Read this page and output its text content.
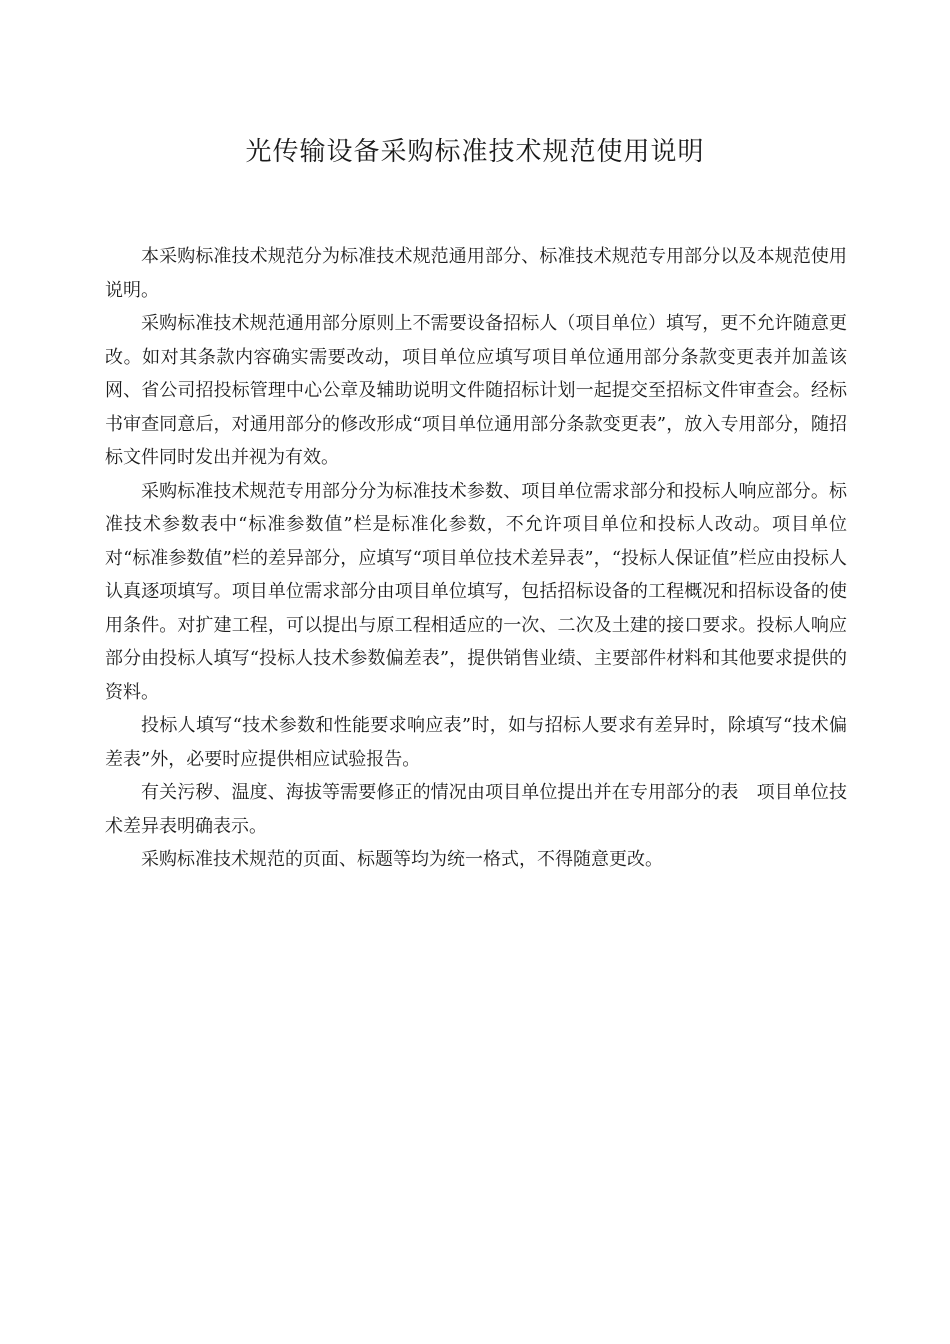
光传输设备采购标准技术规范使用说明

本采购标准技术规范分为标准技术规范通用部分、标准技术规范专用部分以及本规范使用说明。

采购标准技术规范通用部分原则上不需要设备招标人（项目单位）填写，更不允许随意更改。如对其条款内容确实需要改动，项目单位应填写项目单位通用部分条款变更表并加盖该网、省公司招投标管理中心公章及辅助说明文件随招标计划一起提交至招标文件审查会。经标书审查同意后，对通用部分的修改形成“项目单位通用部分条款变更表”，放入专用部分，随招标文件同时发出并视为有效。

采购标准技术规范专用部分分为标准技术参数、项目单位需求部分和投标人响应部分。标准技术参数表中“标准参数值”栏是标准化参数，不允许项目单位和投标人改动。项目单位对“标准参数值”栏的差异部分，应填写“项目单位技术差异表”，“投标人保证值”栏应由投标人认真逐项填写。项目单位需求部分由项目单位填写，包括招标设备的工程概况和招标设备的使用条件。对扩建工程，可以提出与原工程相适应的一次、二次及土建的接口要求。投标人响应部分由投标人填写“投标人技术参数偏差表”，提供销售业绩、主要部件材料和其他要求提供的资料。

投标人填写“技术参数和性能要求响应表”时，如与招标人要求有差异时，除填写“技术偏差表”外，必要时应提供相应试验报告。

有关污秽、温度、海拔等需要修正的情况由项目单位提出并在专用部分的表　项目单位技术差异表明确表示。

采购标准技术规范的页面、标题等均为统一格式，不得随意更改。
